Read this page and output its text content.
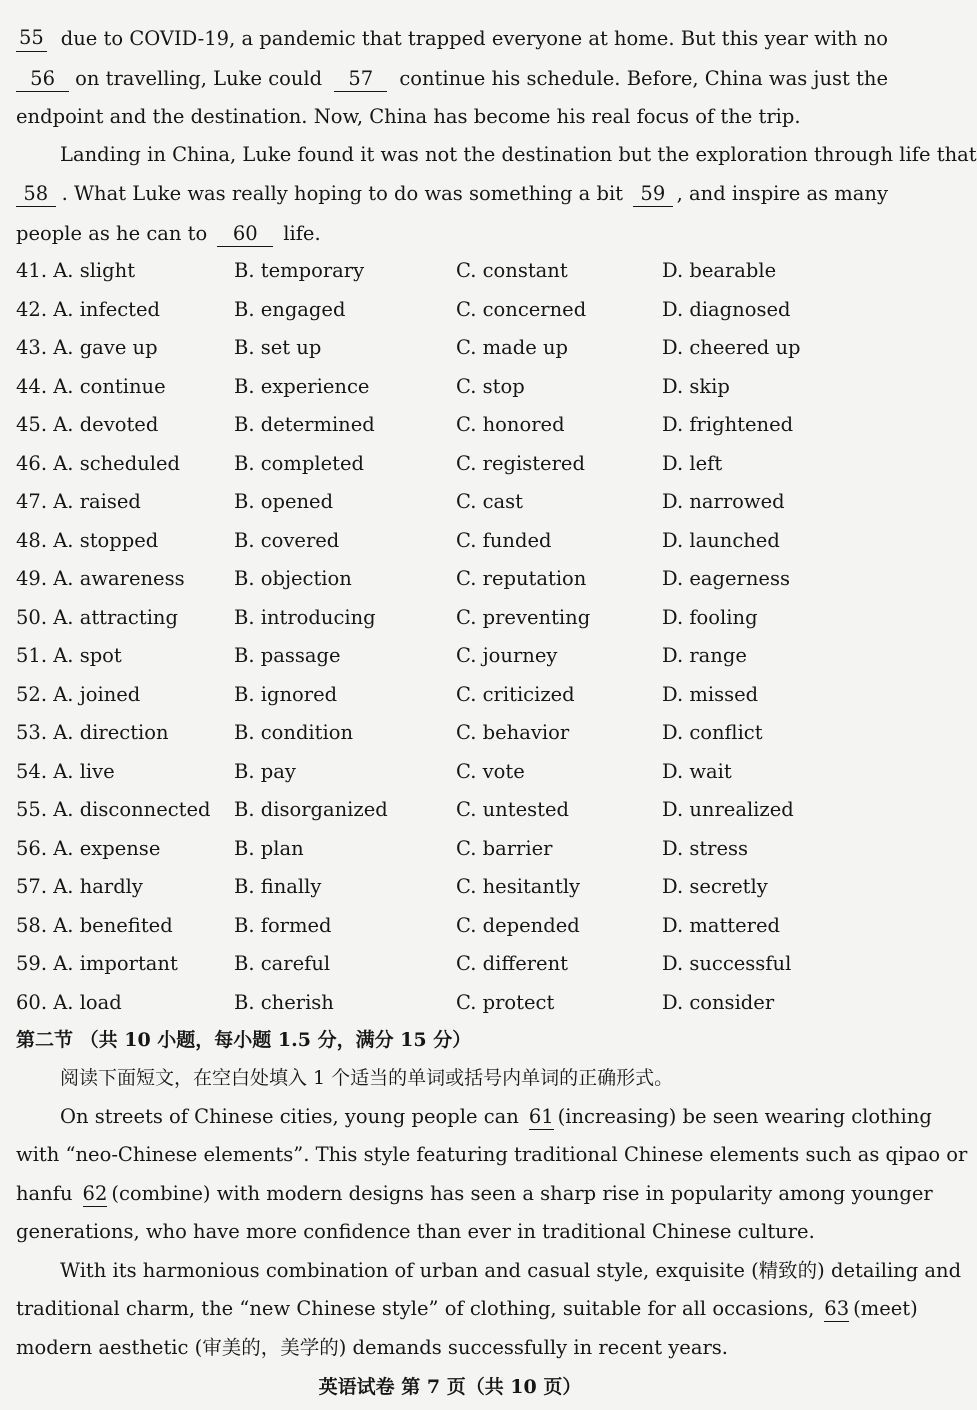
55 due to COVID-19, a pandemic that trapped everyone at home. But this year with no
56	on travelling, Luke could	57	continue his schedule. Before, China was just the
endpoint and the destination. Now, China has become his real focus of the trip.
Landing in China, Luke found it was not the destination but the exploration through life that
58 . What Luke was really hoping to do was something a bit 59 , and inspire as many
people as he can to	60	life.
41. A. slight	B. temporary	C. constant	D. bearable
42. A. infected	B. engaged	C. concerned	D. diagnosed
43. A. gave up	B. set up	C. made up	D. cheered up
44. A. continue	B. experience	C. stop	D. skip
45. A. devoted	B. determined	C. honored	D. frightened
46. A. scheduled	B. completed	C. registered	D. left
47. A. raised	B. opened	C. cast	D. narrowed
48. A. stopped	B. covered	C. funded	D. launched
49. A. awareness	B. objection	C. reputation	D. eagerness
50. A. attracting	B. introducing	C. preventing	D. fooling
51. A. spot	B. passage	C. journey	D. range
52. A. joined	B. ignored	C. criticized	D. missed
53. A. direction	B. condition	C. behavior	D. conflict
54. A. live	B. pay	C. vote	D. wait
55. A. disconnected B. disorganized	C. untested	D. unrealized
56. A. expense	B. plan	C. barrier	D. stress
57. A. hardly	B. finally	C. hesitantly	D. secretly
58. A. benefited	B. formed	C. depended	D. mattered
59. A. important	B. careful	C. different	D. successful
60. A. load	B. cherish	C. protect	D. consider
第二节 （共 10 小题，每小题 1.5 分，满分 15 分）
阅读下面短文，在空白处填入 1 个适当的单词或括号内单词的正确形式。
On streets of Chinese cities, young people can 61 (increasing) be seen wearing clothing
with “neo-Chinese elements”. This style featuring traditional Chinese elements such as qipao or
hanfu 62 (combine) with modern designs has seen a sharp rise in popularity among younger
generations, who have more confidence than ever in traditional Chinese culture.
With its harmonious combination of urban and casual style, exquisite (精致的) detailing and
traditional charm, the “new Chinese style” of clothing, suitable for all occasions, 63 (meet)
modern aesthetic (审美的，美学的) demands successfully in recent years.
英语试卷 第 7 页（共 10 页）
